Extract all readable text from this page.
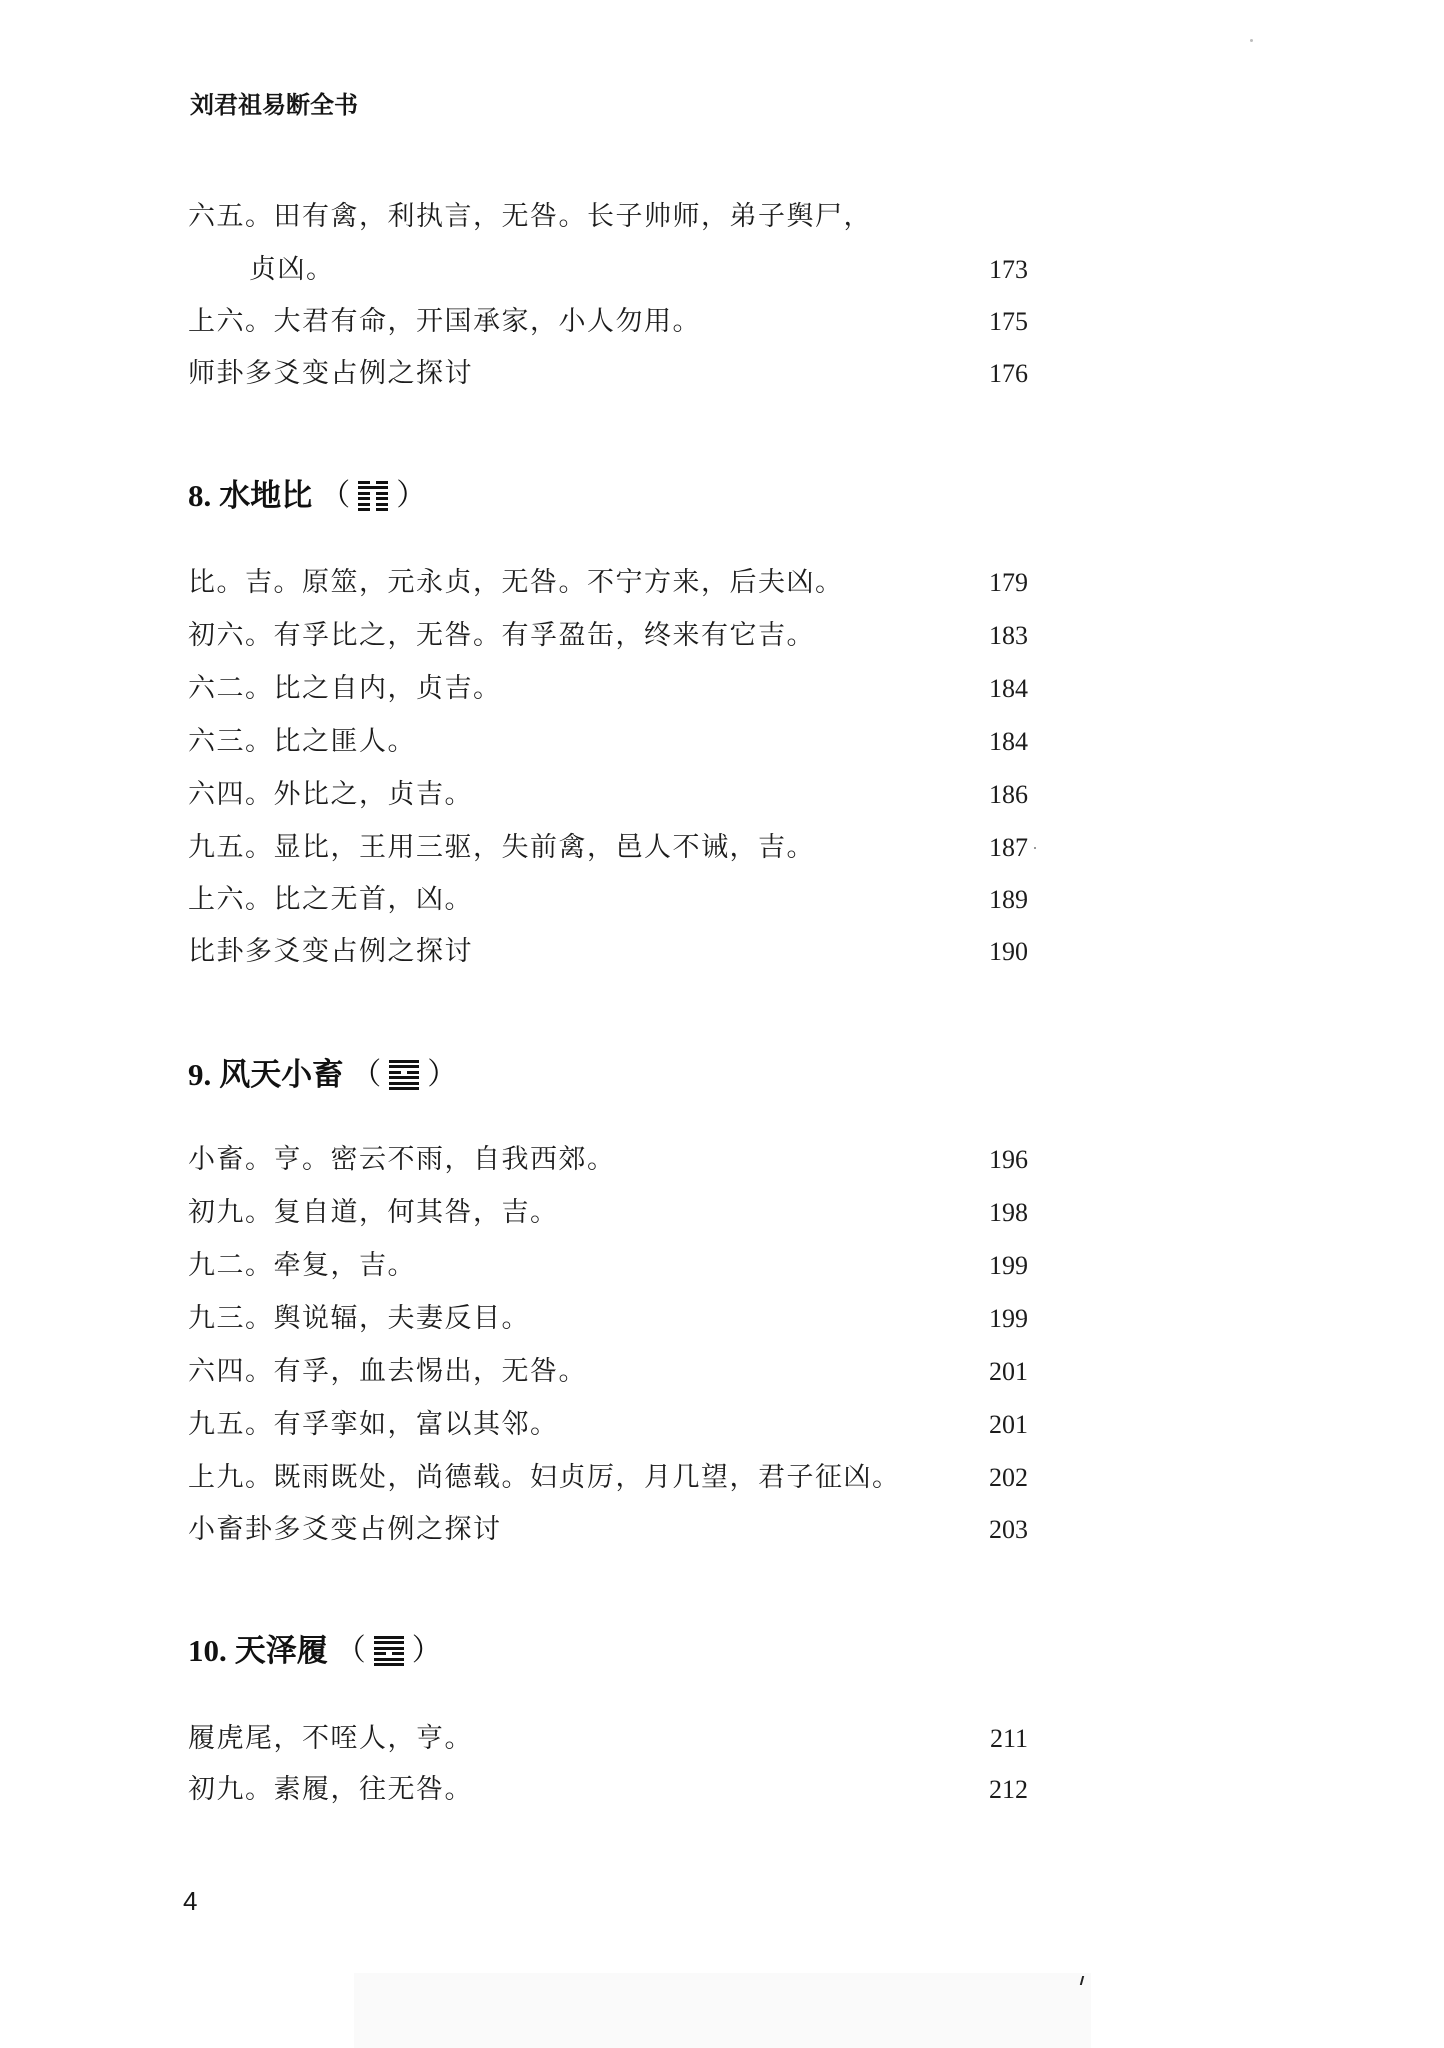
刘君祖易断全书
六五。田有禽，利执言，无咎。长子帅师，弟子舆尸，
贞凶。	173
上六。大君有命，开国承家，小人勿用。	175
师卦多爻变占例之探讨	176
8. 水地比 （ ）
比。吉。原筮，元永贞，无咎。不宁方来，后夫凶。	179
初六。有孚比之，无咎。有孚盈缶，终来有它吉。	183
六二。比之自内，贞吉。	184
六三。比之匪人。	184
六四。外比之，贞吉。	186
九五。显比，王用三驱，失前禽，邑人不诫，吉。	187
上六。比之无首，凶。	189
比卦多爻变占例之探讨	190
9. 风天小畜 （ ）
小畜。亨。密云不雨，自我西郊。	196
初九。复自道，何其咎，吉。	198
九二。牵复，吉。	199
九三。舆说辐，夫妻反目。	199
六四。有孚，血去惕出，无咎。	201
九五。有孚挛如，富以其邻。	201
上九。既雨既处，尚德载。妇贞厉，月几望，君子征凶。	202
小畜卦多爻变占例之探讨	203
10. 天泽履 （ ）
履虎尾，不咥人，亨。	211
初九。素履，往无咎。	212
4
